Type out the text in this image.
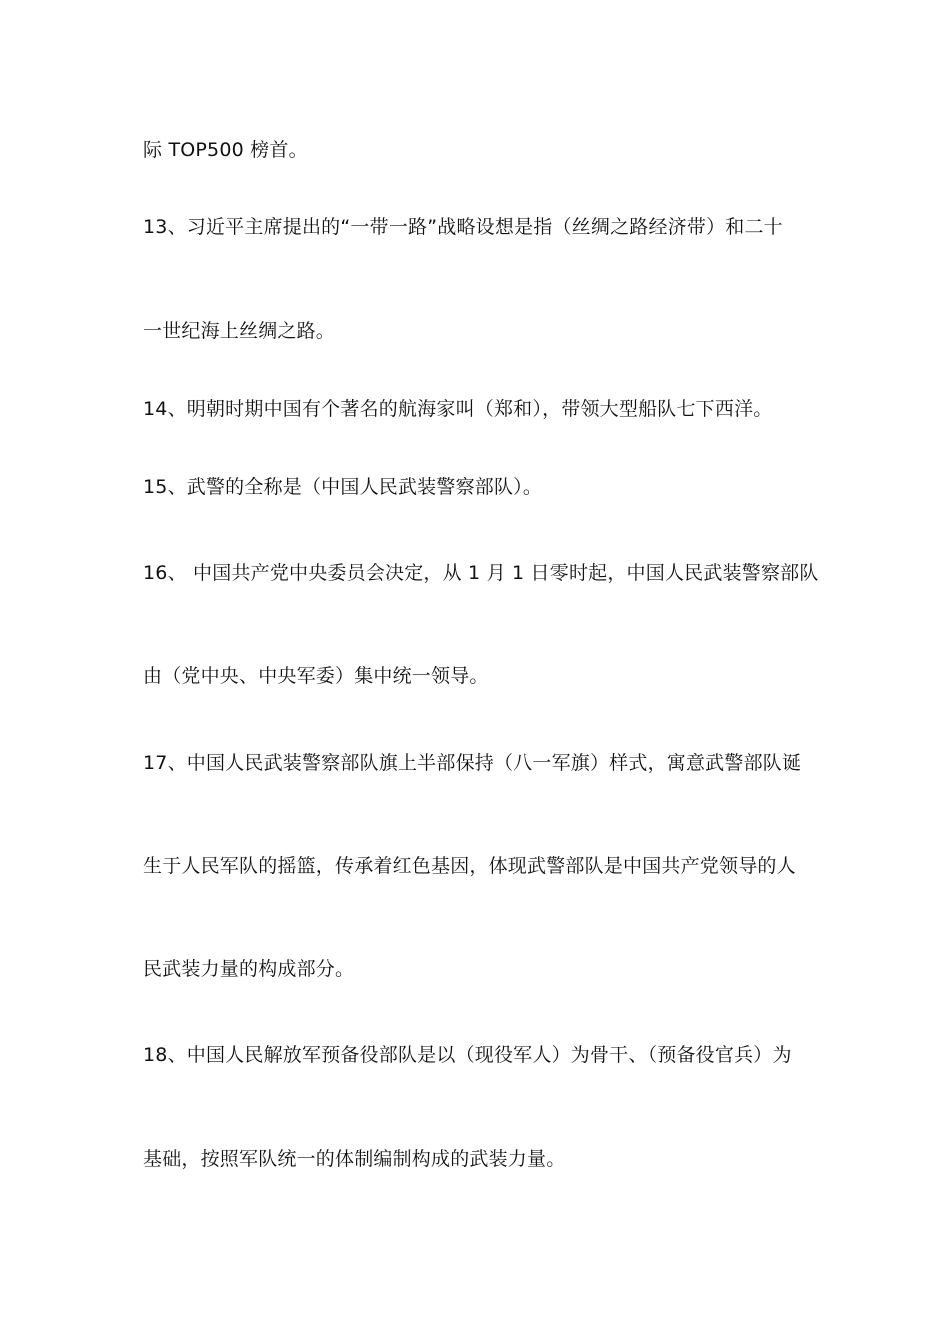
际 TOP500 榜首。
13、习近平主席提出的“一带一路”战略设想是指（丝绸之路经济带）和二十
一世纪海上丝绸之路。
14、明朝时期中国有个著名的航海家叫（郑和），带领大型船队七下西洋。
15、武警的全称是（中国人民武装警察部队）。
16、 中国共产党中央委员会决定，从 1 月 1 日零时起，中国人民武装警察部队
由（党中央、中央军委）集中统一领导。
17、中国人民武装警察部队旗上半部保持（八一军旗）样式，寓意武警部队诞
生于人民军队的摇篮，传承着红色基因，体现武警部队是中国共产党领导的人
民武装力量的构成部分。
18、中国人民解放军预备役部队是以（现役军人）为骨干、（预备役官兵）为
基础，按照军队统一的体制编制构成的武装力量。
